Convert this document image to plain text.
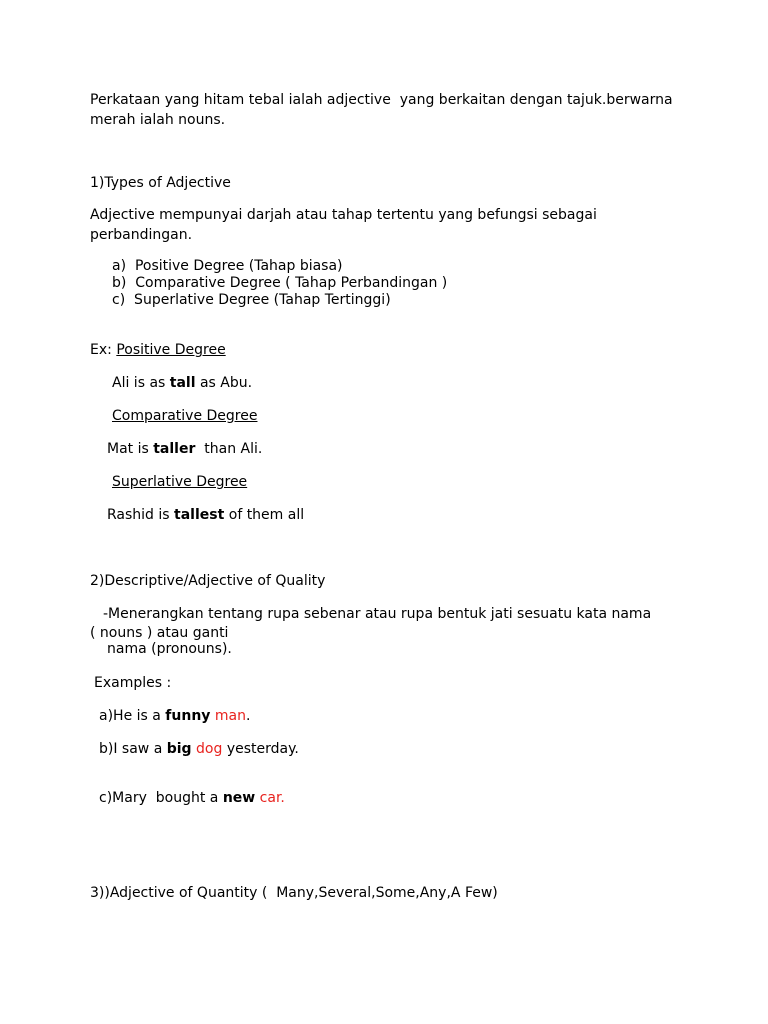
Perkataan yang hitam tebal ialah adjective  yang berkaitan dengan tajuk.berwarna
merah ialah nouns.
1)Types of Adjective
Adjective mempunyai darjah atau tahap tertentu yang befungsi sebagai
perbandingan.
a)  Positive Degree (Tahap biasa)
b)  Comparative Degree ( Tahap Perbandingan )
c)  Superlative Degree (Tahap Tertinggi)
Ex: Positive Degree
Ali is as tall as Abu.
Comparative Degree
Mat is taller  than Ali.
Superlative Degree
Rashid is tallest of them all
2)Descriptive/Adjective of Quality
-Menerangkan tentang rupa sebenar atau rupa bentuk jati sesuatu kata nama
( nouns ) atau ganti
nama (pronouns).
Examples :
a)He is a funny man.
b)I saw a big dog yesterday.
c)Mary  bought a new car.
3))Adjective of Quantity (  Many,Several,Some,Any,A Few)
